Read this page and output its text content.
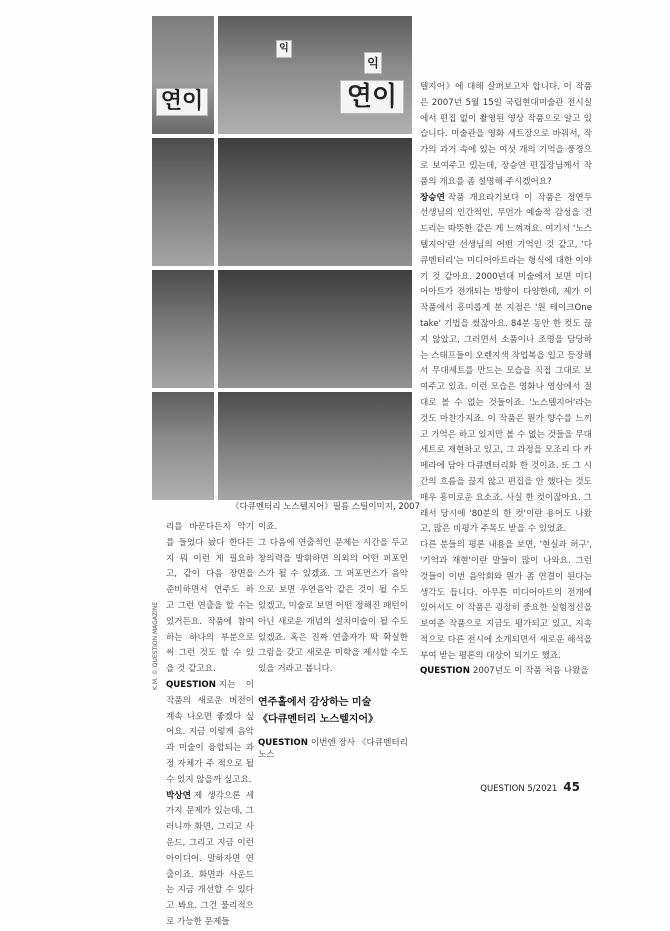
연이
익
익
연이
《다큐멘터리 노스텔지어》필름 스틸이미지, 2007

리를 바꾼다든지 악기를 들었다 놨다 한다든지 뭐 이런 게 필요하고, 같이 다음 장면을 준비하면서 연주도 하고 그런 연출을 할 수는 있거든요. 작품에 참여하는 하나의 부분으로써 그런 것도 할 수 있을 것 같고요.

QUESTION 지는 이 작품의 새로운 버전이 계속 나오면 좋겠다 싶어요. 지금 이렇게 음악과 미술이 융합되는 과정 자체가 주 적으로 될 수 있지 않을까 싶고요.

박상연 제 생각으론 세 가지 문제가 있는데, 그러니까 화면, 그리고 사운드, 그리고 지금 이런 아이디어. 말하자면 연출이죠. 화면과 사운드는 지금 개선할 수 있다고 봐요. 그건 물리적으로 가능한 문제들

이죠.

그 다음에 연출적인 문제는 시간을 두고 창의력을 발휘하면 의외의 어떤 퍼포먼스가 될 수 있겠죠. 그 퍼포먼스가 음악으로 보면 우연음악 같은 것이 될 수도 있겠고, 미술로 보면 어떤 정해진 패턴이 아닌 새로운 개념의 설치미술이 될 수도 있겠죠. 혹은 진짜 연출자가 딱 확실한 그림을 갖고 새로운 미학을 제시할 수도 있을 거라고 봅니다.

연주홀에서 감상하는 미술
《다큐멘터리 노스텔지어》
QUESTION 이번엔 장사 《다큐멘터리 노스

텔지어》에 대해 살펴보고자 합니다. 이 작품은 2007년 5월 15일 국립현대미술관 전시실에서 편집 없이 촬영된 영상 작품으로 알고 있습니다. 미술관을 영화 세트장으로 바꿔서, 작가의 과거 속에 있는 여섯 개의 기억을 풍경으로 보여주고 있는데, 장승연 편집장님께서 작품의 개요를 좀 설명해 주시겠어요?

장승연 작품 개요라기보다 이 작품은 정연두 선생님의 인간적인, 무언가 예술적 감성을 건드리는 따뜻한 같은 게 느껴져요. 여기서 '노스텔지어'란 선생님의 어떤 기억인 것 같고, '다큐멘터리'는 미디어아트라는 형식에 대한 이야기 것 같아요. 2000년대 미술에서 보면 미디어아트가 전개되는 방향이 다양한데, 제가 이 작품에서 흥미롭게 본 지점은 '원 테이크One take' 기법을 썼잖아요. 84분 동안 한 컷도 끊지 않았고, 그러면서 소품이나 조명을 담당하는 스태프들이 오렌지색 작업복을 입고 등장해서 무대세트를 만드는 모습을 직접 그대로 보여주고 있죠. 이런 모습은 영화나 영상에서 절대로 볼 수 없는 것들이죠. '노스텔지어'라는 것도 마찬가지죠. 이 작품은 뭔가 향수를 느끼고 기억은 하고 있지만 볼 수 없는 것들을 무대 세트로 재현하고 있고, 그 과정을 모조리 다 카메라에 담아 다큐멘터리화 한 것이죠. 또 그 시간의 흐름을 끊지 않고 편집을 안 했다는 것도 매우 흥미로운 요소죠. 사실 한 컷이잖아요. 그래서 당시에 '80분의 한 컷'이란 용어도 나왔고, 많은 비평가 주목도 받을 수 있었죠.

다른 분들의 평론 내용을 보면, '현실과 허구', '기억과 재현'이란 말들이 많이 나와요. 그런 것들이 이번 음악회와 뭔가 좀 연결이 된다는 생각도 듭니다. 아무튼 미디어아트의 전개에 있어서도 이 작품은 굉장히 중요한 실험정신을 보여준 작품으로 지금도 평가되고 있고, 지속적으로 다른 전시에 소개되면서 새로운 해석을 부여 받는 평론의 대상이 되기도 했죠.

QUESTION 2007년도 이 작품 처음 나왔을

QUESTION 5/2021 45
K.M. © QUESTION MAGAZINE
